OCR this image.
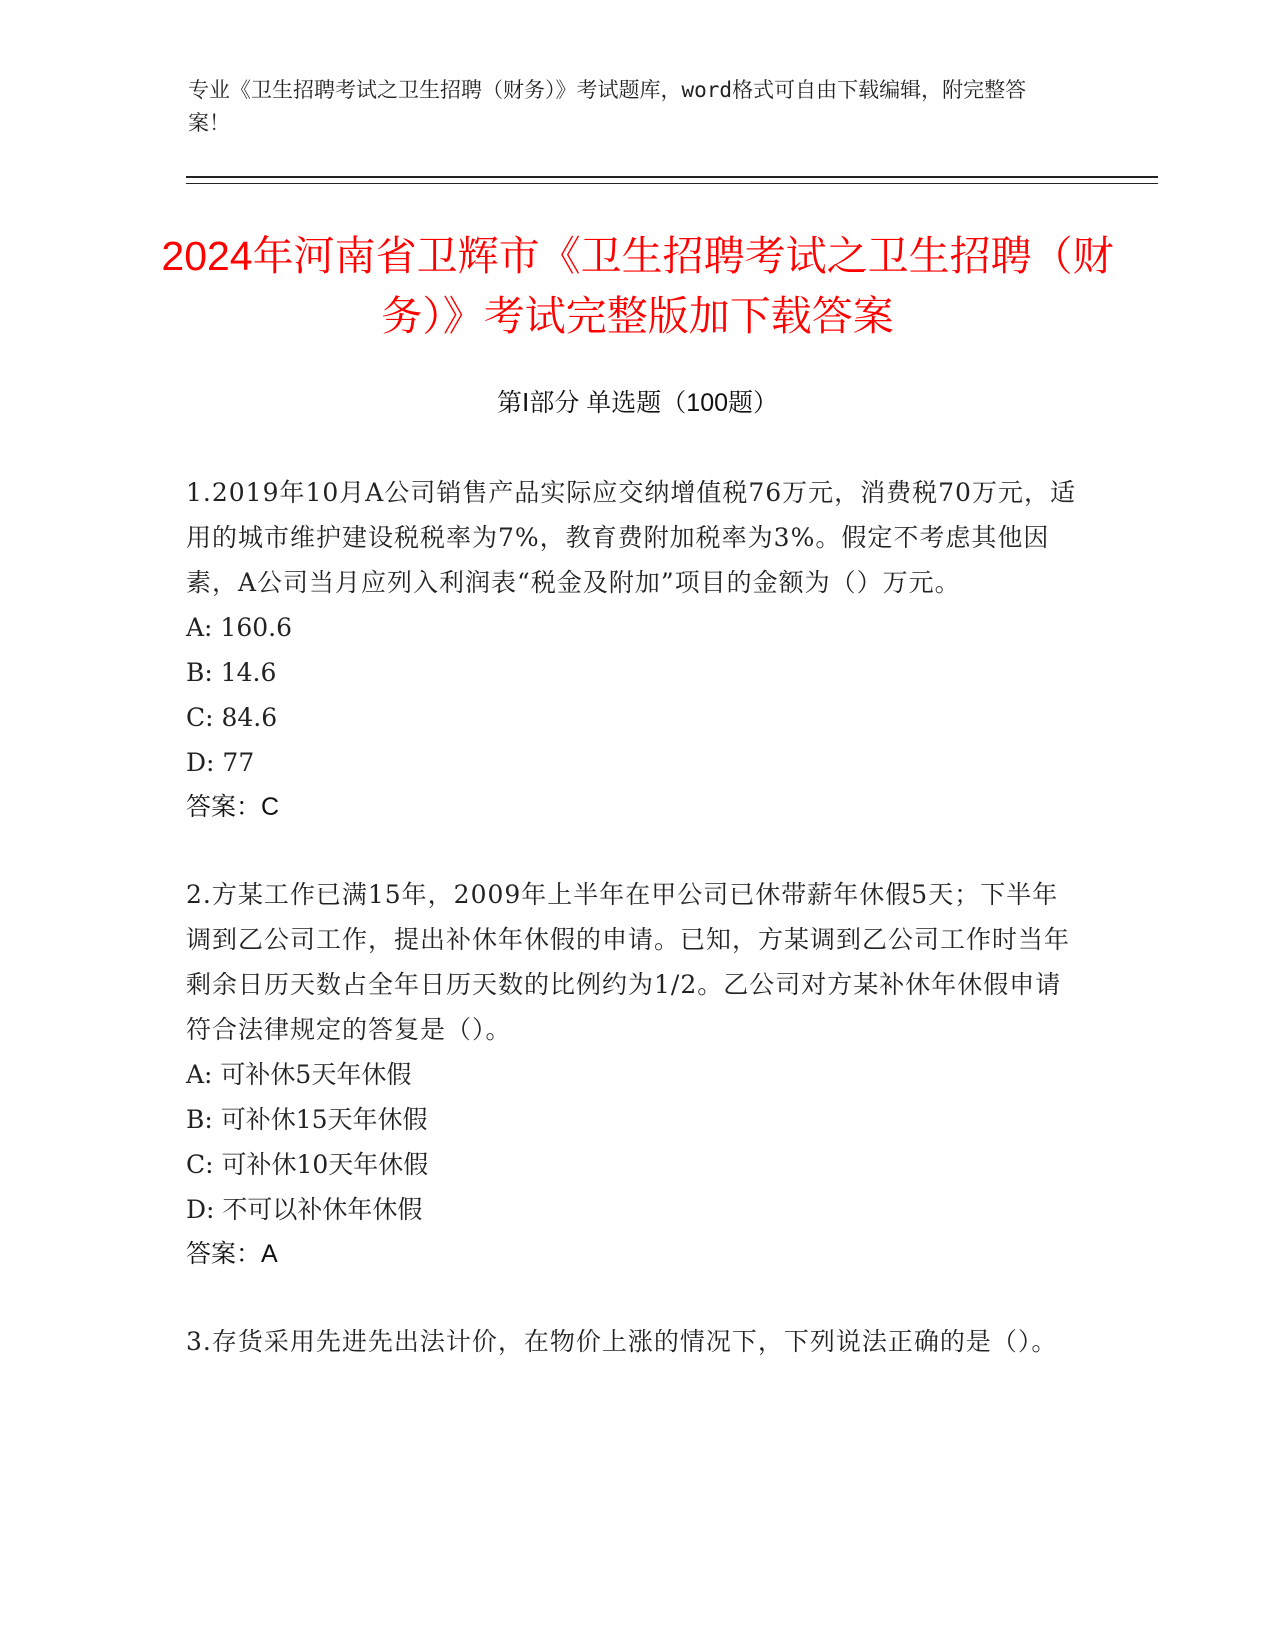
专业《卫生招聘考试之卫生招聘（财务）》考试题库，word格式可自由下载编辑，附完整答案！
2024年河南省卫辉市《卫生招聘考试之卫生招聘（财务）》考试完整版加下载答案
第Ⅰ部分 单选题（100题）
1.2019年10月A公司销售产品实际应交纳增值税76万元，消费税70万元，适用的城市维护建设税税率为7%，教育费附加税率为3%。假定不考虑其他因素，A公司当月应列入利润表“税金及附加”项目的金额为（）万元。
A: 160.6
B: 14.6
C: 84.6
D: 77
答案：C
2.方某工作已满15年，2009年上半年在甲公司已休带薪年休假5天；下半年调到乙公司工作，提出补休年休假的申请。已知，方某调到乙公司工作时当年剩余日历天数占全年日历天数的比例约为1/2。乙公司对方某补休年休假申请符合法律规定的答复是（）。
A: 可补休5天年休假
B: 可补休15天年休假
C: 可补休10天年休假
D: 不可以补休年休假
答案：A
3.存货采用先进先出法计价，在物价上涨的情况下，下列说法正确的是（）。
